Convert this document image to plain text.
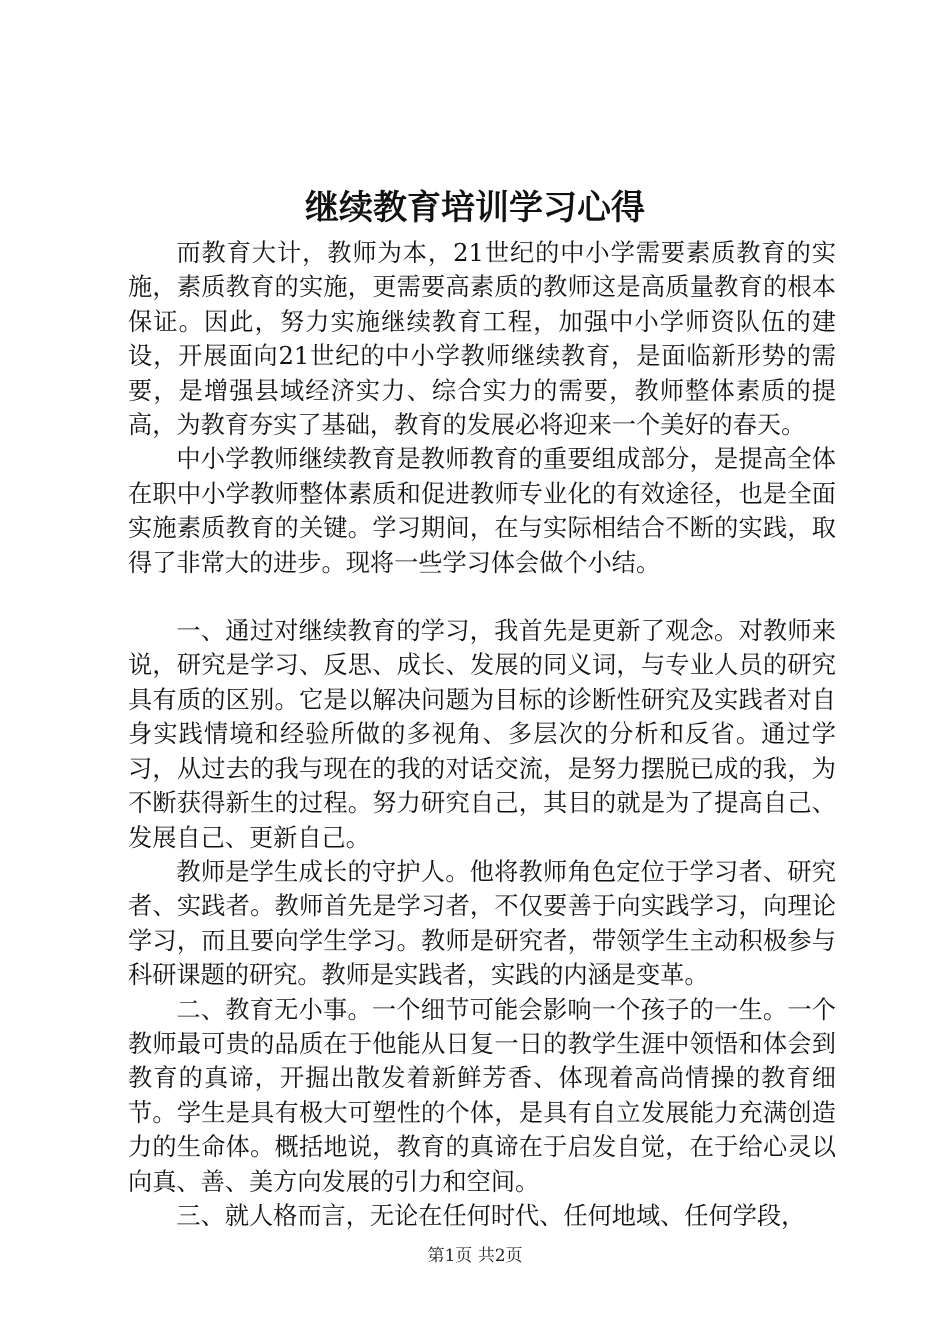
继续教育培训学习心得

而教育大计，教师为本，21世纪的中小学需要素质教育的实施，素质教育的实施，更需要高素质的教师这是高质量教育的根本保证。因此，努力实施继续教育工程，加强中小学师资队伍的建设，开展面向21世纪的中小学教师继续教育，是面临新形势的需要，是增强县域经济实力、综合实力的需要，教师整体素质的提高，为教育夯实了基础，教育的发展必将迎来一个美好的春天。

中小学教师继续教育是教师教育的重要组成部分，是提高全体在职中小学教师整体素质和促进教师专业化的有效途径，也是全面实施素质教育的关键。学习期间，在与实际相结合不断的实践，取得了非常大的进步。现将一些学习体会做个小结。

一、通过对继续教育的学习，我首先是更新了观念。对教师来说，研究是学习、反思、成长、发展的同义词，与专业人员的研究具有质的区别。它是以解决问题为目标的诊断性研究及实践者对自身实践情境和经验所做的多视角、多层次的分析和反省。通过学习，从过去的我与现在的我的对话交流，是努力摆脱已成的我，为不断获得新生的过程。努力研究自己，其目的就是为了提高自己、发展自己、更新自己。

教师是学生成长的守护人。他将教师角色定位于学习者、研究者、实践者。教师首先是学习者，不仅要善于向实践学习，向理论学习，而且要向学生学习。教师是研究者，带领学生主动积极参与科研课题的研究。教师是实践者，实践的内涵是变革。

二、教育无小事。一个细节可能会影响一个孩子的一生。一个教师最可贵的品质在于他能从日复一日的教学生涯中领悟和体会到教育的真谛，开掘出散发着新鲜芳香、体现着高尚情操的教育细节。学生是具有极大可塑性的个体，是具有自立发展能力充满创造力的生命体。概括地说，教育的真谛在于启发自觉，在于给心灵以向真、善、美方向发展的引力和空间。

三、就人格而言，无论在任何时代、任何地域、任何学段，

第1页 共2页
